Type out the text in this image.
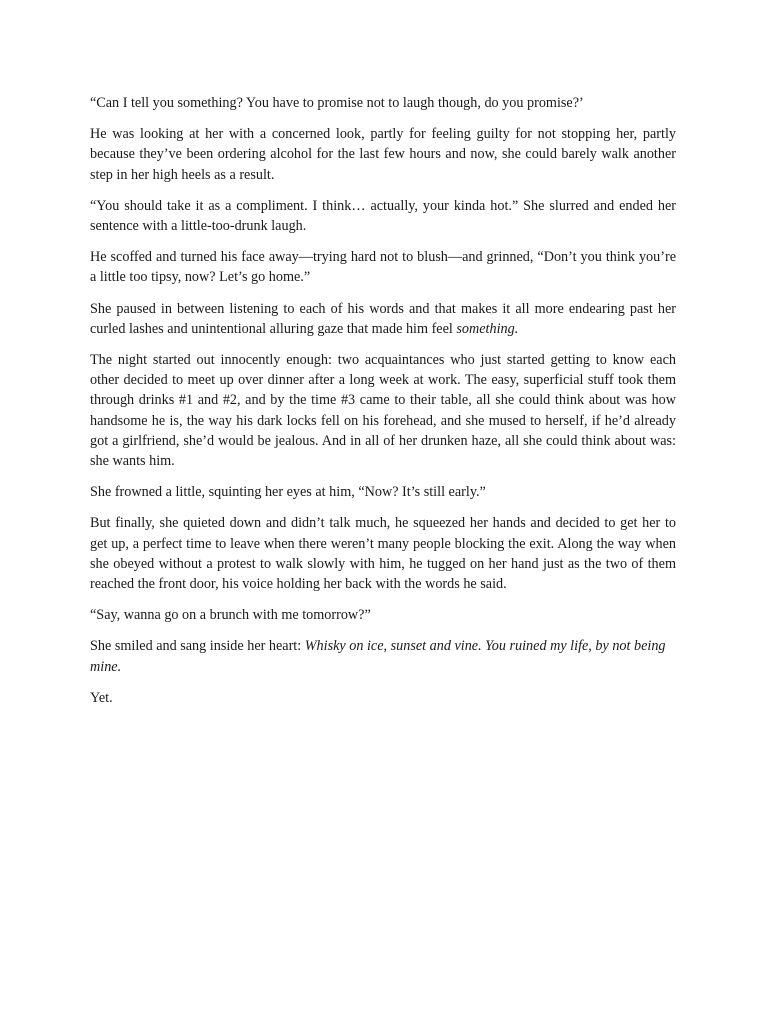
“Can I tell you something? You have to promise not to laugh though, do you promise?’

He was looking at her with a concerned look, partly for feeling guilty for not stopping her, partly because they’ve been ordering alcohol for the last few hours and now, she could barely walk another step in her high heels as a result.

“You should take it as a compliment. I think… actually, your kinda hot.” She slurred and ended her sentence with a little-too-drunk laugh.

He scoffed and turned his face away—trying hard not to blush—and grinned, “Don’t you think you’re a little too tipsy, now? Let’s go home.”

She paused in between listening to each of his words and that makes it all more endearing past her curled lashes and unintentional alluring gaze that made him feel something.

The night started out innocently enough: two acquaintances who just started getting to know each other decided to meet up over dinner after a long week at work. The easy, superficial stuff took them through drinks #1 and #2, and by the time #3 came to their table, all she could think about was how handsome he is, the way his dark locks fell on his forehead, and she mused to herself, if he’d already got a girlfriend, she’d would be jealous. And in all of her drunken haze, all she could think about was: she wants him.

She frowned a little, squinting her eyes at him, “Now? It’s still early.”

But finally, she quieted down and didn’t talk much, he squeezed her hands and decided to get her to get up, a perfect time to leave when there weren’t many people blocking the exit. Along the way when she obeyed without a protest to walk slowly with him, he tugged on her hand just as the two of them reached the front door, his voice holding her back with the words he said.

“Say, wanna go on a brunch with me tomorrow?”

She smiled and sang inside her heart: Whisky on ice, sunset and vine. You ruined my life, by not being mine.

Yet.
